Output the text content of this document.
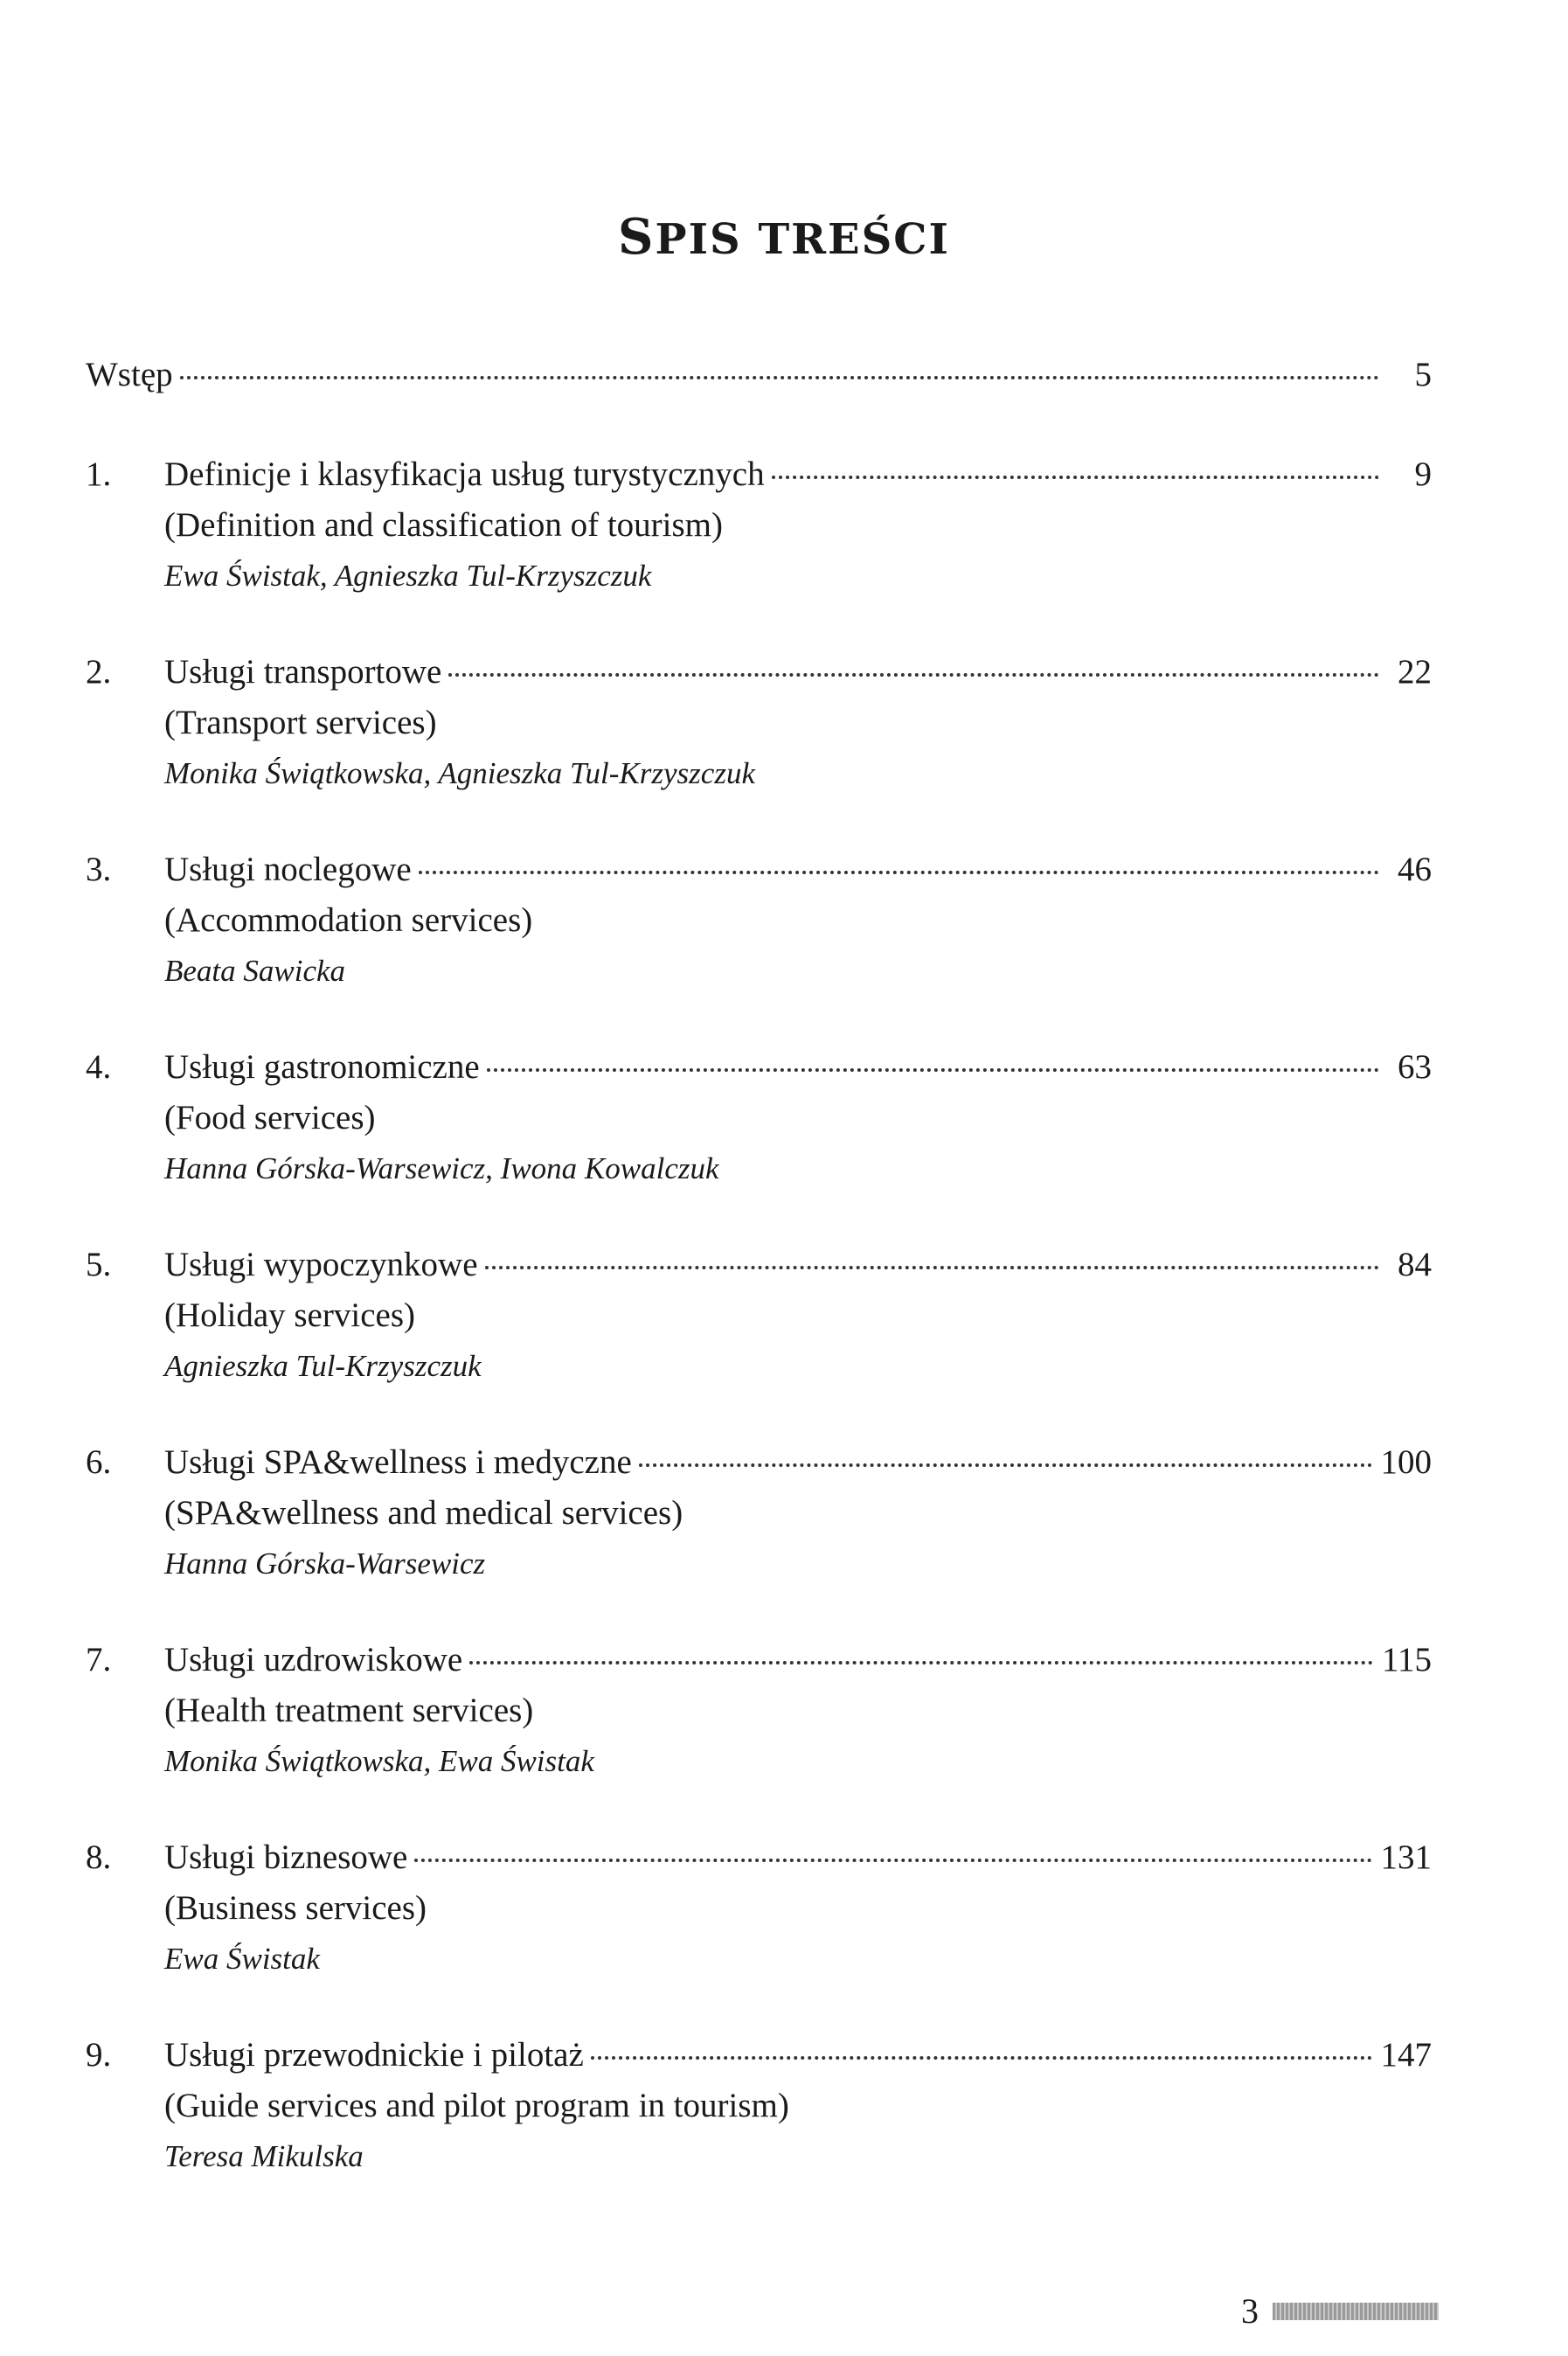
SPIS TREŚCI
Wstęp	5
1.	Definicje i klasyfikacja usług turystycznych	9
(Definition and classification of tourism)
Ewa Świstak, Agnieszka Tul-Krzyszczuk
2.	Usługi transportowe	22
(Transport services)
Monika Świątkowska, Agnieszka Tul-Krzyszczuk
3.	Usługi noclegowe	46
(Accommodation services)
Beata Sawicka
4.	Usługi gastronomiczne	63
(Food services)
Hanna Górska-Warsewicz, Iwona Kowalczuk
5.	Usługi wypoczynkowe	84
(Holiday services)
Agnieszka Tul-Krzyszczuk
6.	Usługi SPA&wellness i medyczne	100
(SPA&wellness and medical services)
Hanna Górska-Warsewicz
7.	Usługi uzdrowiskowe	115
(Health treatment services)
Monika Świątkowska, Ewa Świstak
8.	Usługi biznesowe	131
(Business services)
Ewa Świstak
9.	Usługi przewodnickie i pilotaż	147
(Guide services and pilot program in tourism)
Teresa Mikulska
3
